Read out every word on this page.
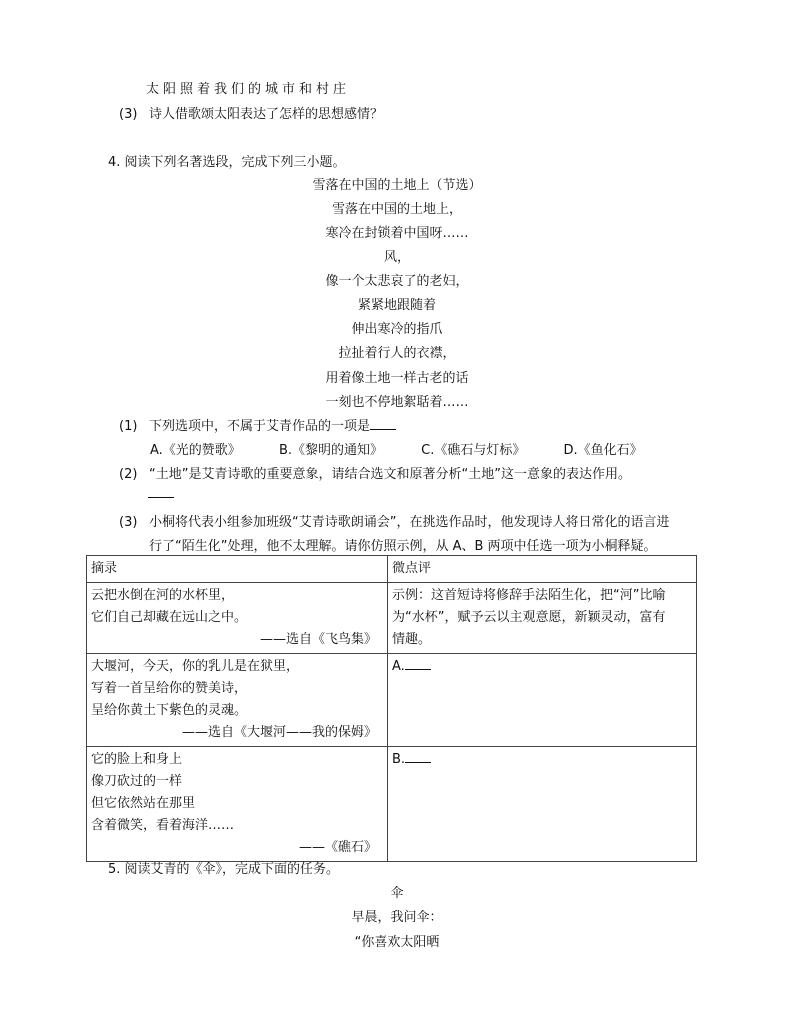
太阳照着我们的城市和村庄
(3) 诗人借歌颂太阳表达了怎样的思想感情？
4. 阅读下列名著选段，完成下列三小题。
雪落在中国的土地上（节选）
雪落在中国的土地上，
寒冷在封锁着中国呀……
风，
像一个太悲哀了的老妇，
紧紧地跟随着
伸出寒冷的指爪
拉扯着行人的衣襟，
用着像土地一样古老的话
一刻也不停地絮聒着……
(1) 下列选项中，不属于艾青作品的一项是
A.《光的赞歌》	B.《黎明的通知》	C.《礁石与灯标》	D.《鱼化石》
(2) “土地”是艾青诗歌的重要意象，请结合选文和原著分析“土地”这一意象的表达作用。
(3) 小桐将代表小组参加班级“艾青诗歌朗诵会”，在挑选作品时，他发现诗人将日常化的语言进
行了“陌生化”处理，他不太理解。请你仿照示例，从 A、B 两项中任选一项为小桐释疑。
摘录	微点评

云把水倒在河的水杯里，
它们自己却藏在远山之中。
——选自《飞鸟集》	示例：这首短诗将修辞手法陌生化，把“河”比喻
为“水杯”，赋予云以主观意愿，新颖灵动，富有
情趣。

大堰河，今天，你的乳儿是在狱里，
写着一首呈给你的赞美诗，
呈给你黄土下紫色的灵魂。
——选自《大堰河——我的保姆》	A.

它的脸上和身上
像刀砍过的一样
但它依然站在那里
含着微笑，看着海洋……
——《礁石》	B.
5. 阅读艾青的《伞》，完成下面的任务。
伞
早晨，我问伞：
“你喜欢太阳晒
